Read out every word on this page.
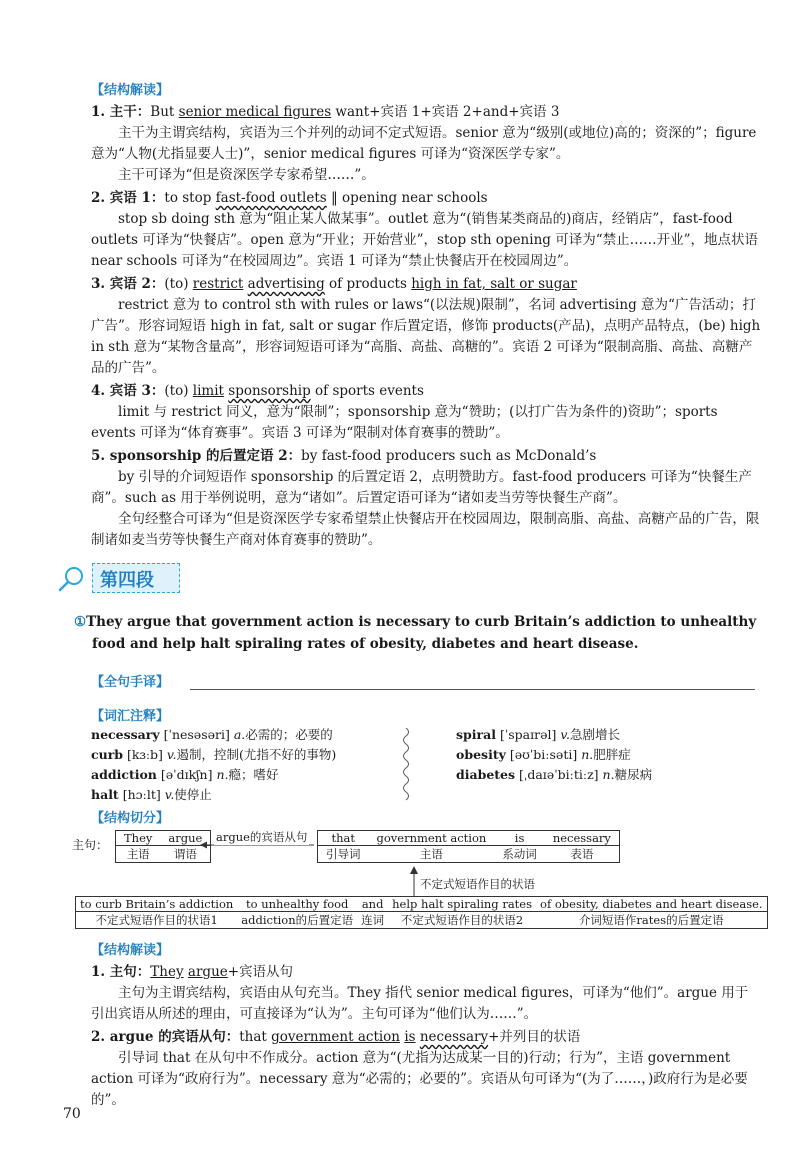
【结构解读】

1. 主干：But senior medical figures want+宾语 1+宾语 2+and+宾语 3

主干为主谓宾结构，宾语为三个并列的动词不定式短语。senior 意为“级别(或地位)高的；资深的”；figure 意为“人物(尤指显要人士)”，senior medical figures 可译为“资深医学专家”。

主干可译为“但是资深医学专家希望……”。

2. 宾语 1：to stop fast-food outlets ‖ opening near schools

stop sb doing sth 意为“阻止某人做某事”。outlet 意为“(销售某类商品的)商店，经销店”，fast-food outlets 可译为“快餐店”。open 意为“开业；开始营业”，stop sth opening 可译为“禁止……开业”，地点状语 near schools 可译为“在校园周边”。宾语 1 可译为“禁止快餐店开在校园周边”。

3. 宾语 2：(to) restrict advertising of products high in fat, salt or sugar

restrict 意为 to control sth with rules or laws“(以法规)限制”，名词 advertising 意为“广告活动；打广告”。形容词短语 high in fat, salt or sugar 作后置定语，修饰 products(产品)，点明产品特点，(be) high in sth 意为“某物含量高”，形容词短语可译为“高脂、高盐、高糖的”。宾语 2 可译为“限制高脂、高盐、高糖产品的广告”。

4. 宾语 3：(to) limit sponsorship of sports events

limit 与 restrict 同义，意为“限制”；sponsorship 意为“赞助；(以打广告为条件的)资助”；sports events 可译为“体育赛事”。宾语 3 可译为“限制对体育赛事的赞助”。

5. sponsorship 的后置定语 2：by fast-food producers such as McDonald’s

by 引导的介词短语作 sponsorship 的后置定语 2，点明赞助方。fast-food producers 可译为“快餐生产商”。such as 用于举例说明，意为“诸如”。后置定语可译为“诸如麦当劳等快餐生产商”。

全句经整合可译为“但是资深医学专家希望禁止快餐店开在校园周边，限制高脂、高盐、高糖产品的广告，限制诸如麦当劳等快餐生产商对体育赛事的赞助”。

第四段

①They argue that government action is necessary to curb Britain’s addiction to unhealthy food and help halt spiraling rates of obesity, diabetes and heart disease.

【全句手译】
【词汇注释】
necessary [ˈnesəsəri] a.必需的；必要的
curb [kɜːb] v.遏制，控制(尤指不好的事物)
addiction [əˈdɪkʃn] n.瘾；嗜好
halt [hɔːlt] v.使停止
spiral [ˈspaɪrəl] v.急剧增长
obesity [əʊˈbiːsəti] n.肥胖症
diabetes [ˌdaɪəˈbiːtiːz] n.糖尿病
【结构切分】
主句： They	argue
主语	谓语
argue的宾语从句 that	government action	is	necessary
引导词	主语	系动词	表语
不定式短语作目的状语
to curb Britain’s addiction	to unhealthy food	and	help halt spiraling rates	of obesity, diabetes and heart disease.
不定式短语作目的状语1	addiction的后置定语	连词	不定式短语作目的状语2	介词短语作rates的后置定语
【结构解读】

1. 主句：They argue+宾语从句

主句为主谓宾结构，宾语由从句充当。They 指代 senior medical figures，可译为“他们”。argue 用于引出宾语从所述的理由，可直接译为“认为”。主句可译为“他们认为……”。

2. argue 的宾语从句：that government action is necessary+并列目的状语

引导词 that 在从句中不作成分。action 意为“(尤指为达成某一目的)行动；行为”，主语 government action 可译为“政府行为”。necessary 意为“必需的；必要的”。宾语从句可译为“(为了……，)政府行为是必要的”。

70
